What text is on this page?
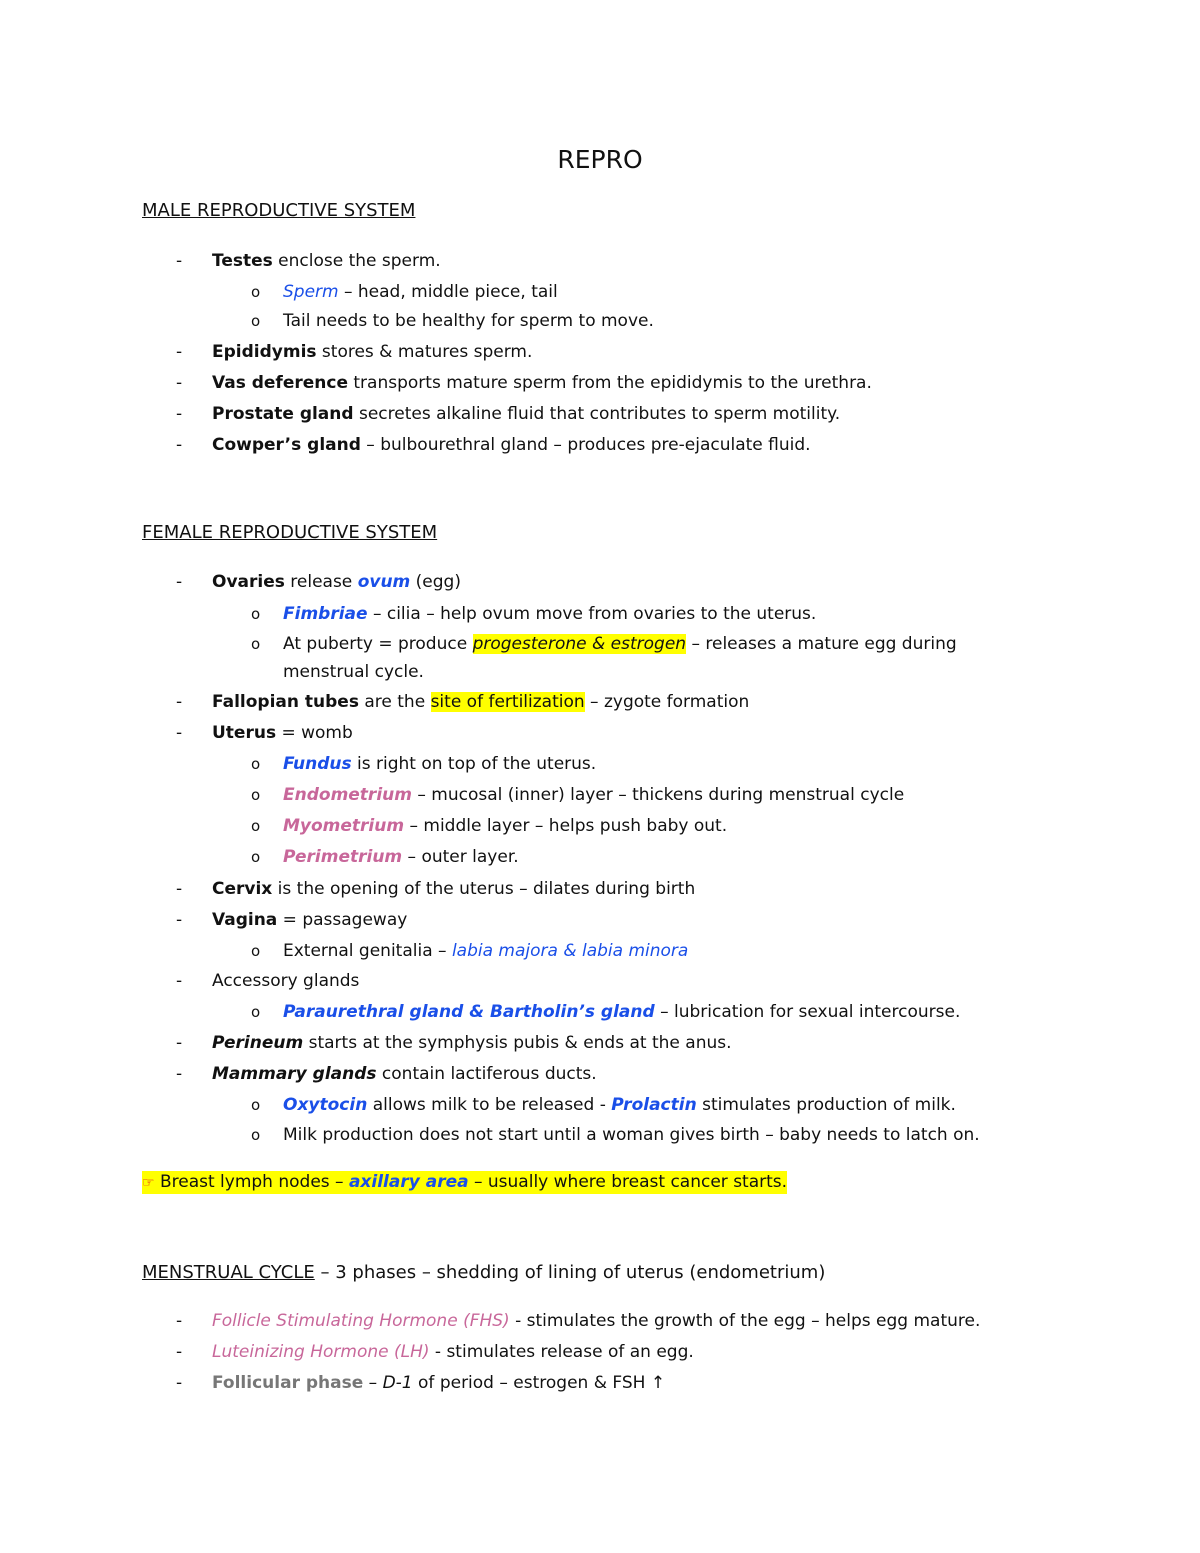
REPRO
MALE REPRODUCTIVE SYSTEM
-	Testes enclose the sperm.
o Sperm – head, middle piece, tail
o Tail needs to be healthy for sperm to move.
-	Epididymis stores & matures sperm.
-	Vas deference transports mature sperm from the epididymis to the urethra.
-	Prostate gland secretes alkaline fluid that contributes to sperm motility.
-	Cowper’s gland – bulbourethral gland – produces pre-ejaculate fluid.
FEMALE REPRODUCTIVE SYSTEM
-	Ovaries release ovum (egg)
o Fimbriae – cilia – help ovum move from ovaries to the uterus.
o At puberty = produce progesterone & estrogen – releases a mature egg during
menstrual cycle.
-	Fallopian tubes are the site of fertilization – zygote formation
-	Uterus = womb
o Fundus is right on top of the uterus.
o Endometrium – mucosal (inner) layer – thickens during menstrual cycle
o Myometrium – middle layer – helps push baby out.
o Perimetrium – outer layer.
-	Cervix is the opening of the uterus – dilates during birth
-	Vagina = passageway
o External genitalia – labia majora & labia minora
-	Accessory glands
o Paraurethral gland & Bartholin’s gland – lubrication for sexual intercourse.
-	Perineum starts at the symphysis pubis & ends at the anus.
-	Mammary glands contain lactiferous ducts.
o Oxytocin allows milk to be released - Prolactin stimulates production of milk.
o Milk production does not start until a woman gives birth – baby needs to latch on.
☞ Breast lymph nodes – axillary area – usually where breast cancer starts.
MENSTRUAL CYCLE – 3 phases – shedding of lining of uterus (endometrium)
-	Follicle Stimulating Hormone (FHS) - stimulates the growth of the egg – helps egg mature.
-	Luteinizing Hormone (LH) - stimulates release of an egg.
-	Follicular phase – D-1 of period – estrogen & FSH ↑
